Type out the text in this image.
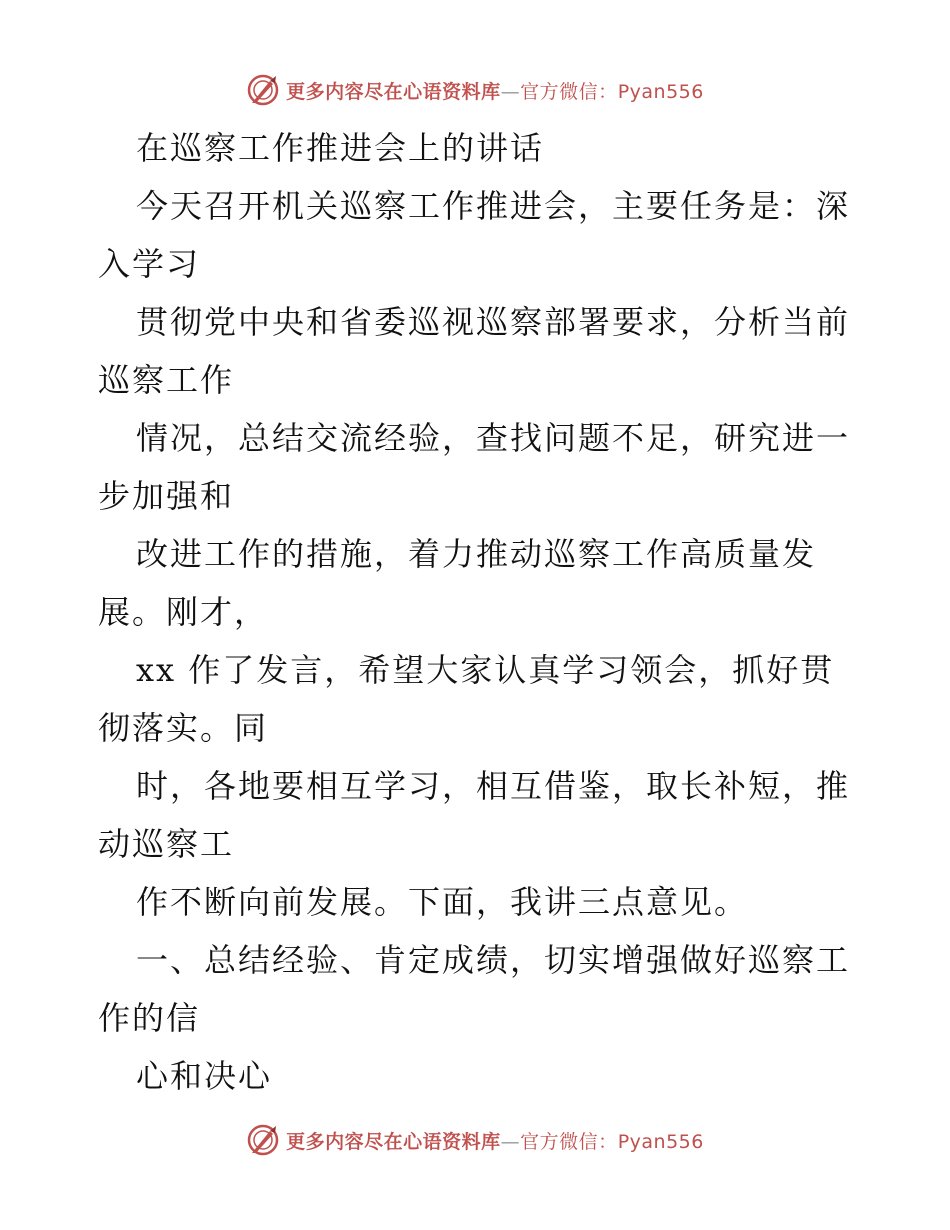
更多内容尽在心语资料库—官方微信：Pyan556
在巡察工作推进会上的讲话
今天召开机关巡察工作推进会，主要任务是：深
入学习
贯彻党中央和省委巡视巡察部署要求，分析当前
巡察工作
情况，总结交流经验，查找问题不足，研究进一
步加强和
改进工作的措施，着力推动巡察工作高质量发
展。刚才，
xx 作了发言，希望大家认真学习领会，抓好贯
彻落实。同
时，各地要相互学习，相互借鉴，取长补短，推
动巡察工
作不断向前发展。下面，我讲三点意见。
一、总结经验、肯定成绩，切实增强做好巡察工
作的信
心和决心
更多内容尽在心语资料库—官方微信：Pyan556
